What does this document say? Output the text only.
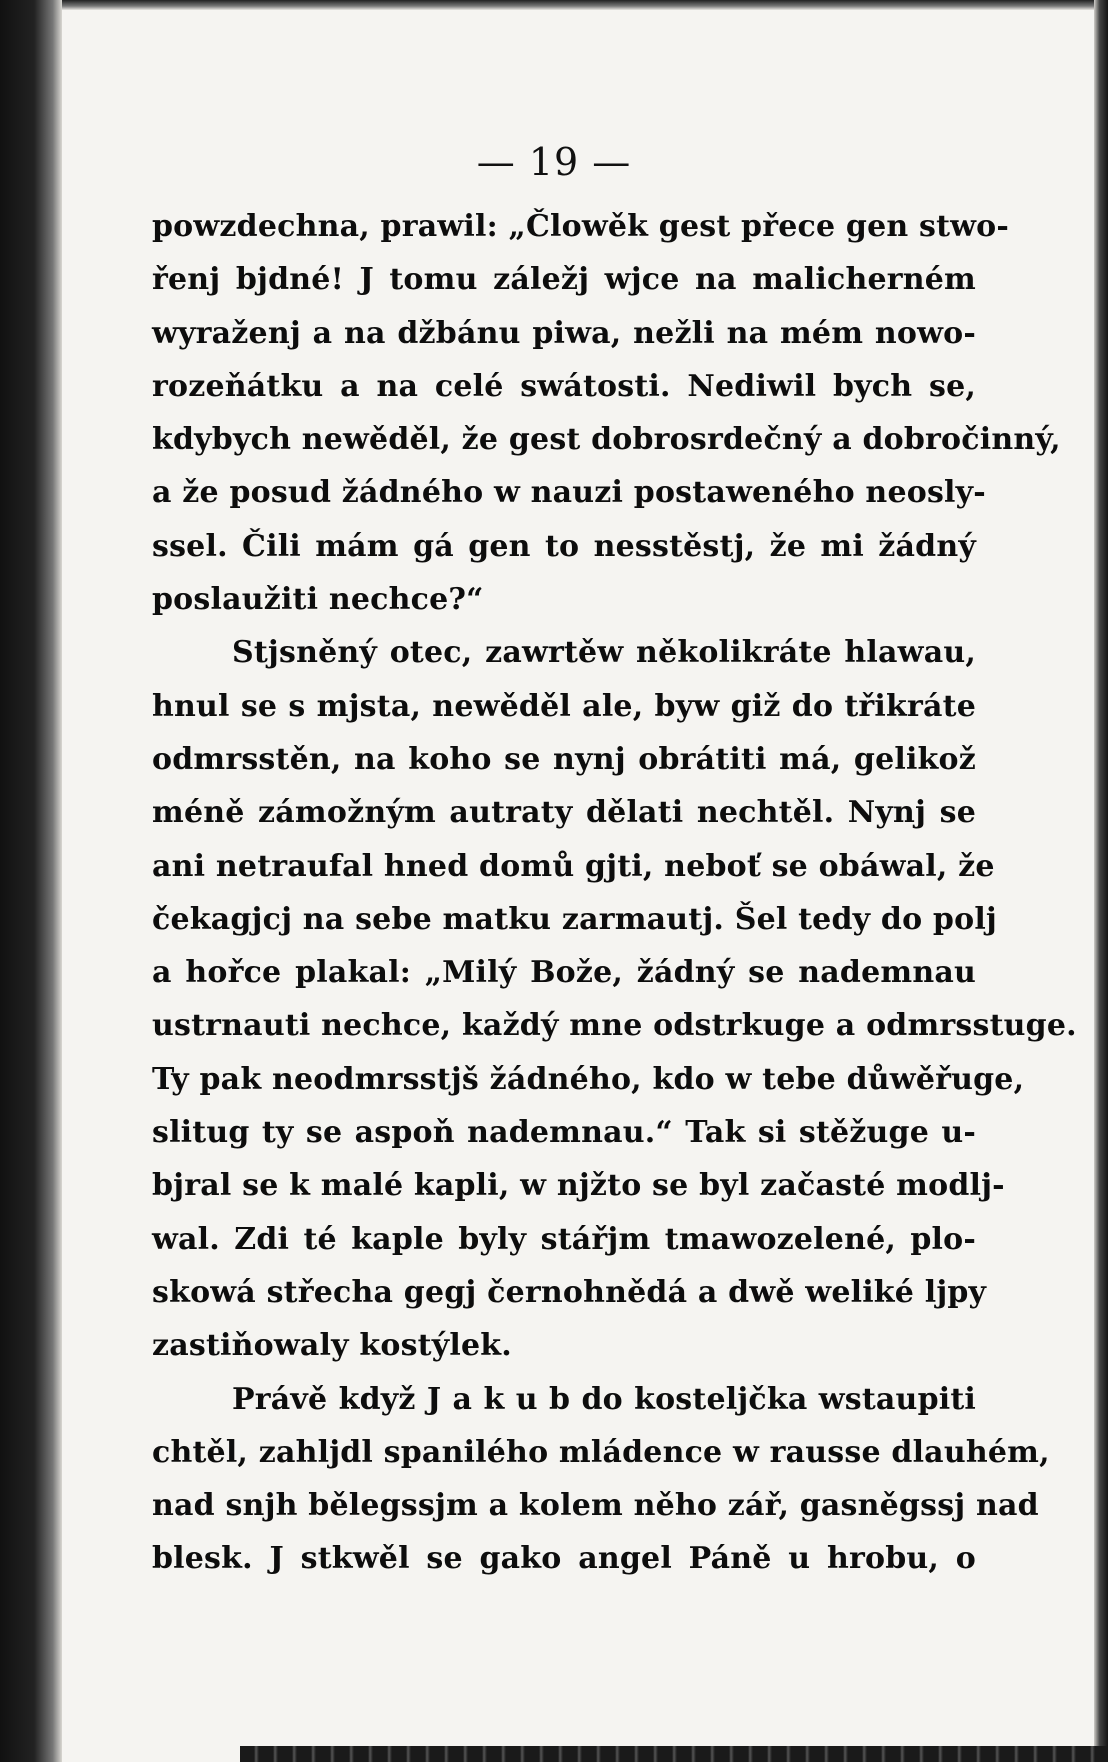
— 19 —
powzdechna, prawil: „Člowěk gest přece gen stwo-
řenj bjdné! J tomu záležj wjce na malicherném
wyraženj a na džbánu piwa, nežli na mém nowo-
rozeňátku a na celé swátosti. Nediwil bych se,
kdybych newěděl, že gest dobrosrdečný a dobročinný,
a že posud žádného w nauzi postaweného neosly-
ssel. Čili mám gá gen to nesstěstj, že mi žádný
poslaužiti nechce?“
Stjsněný otec, zawrtěw několikráte hlawau,
hnul se s mjsta, newěděl ale, byw giž do třikráte
odmrsstěn, na koho se nynj obrátiti má, gelikož
méně zámožným autraty dělati nechtěl. Nynj se
ani netraufal hned domů gjti, neboť se obáwal, že
čekagjcj na sebe matku zarmautj. Šel tedy do polj
a hořce plakal: „Milý Bože, žádný se nademnau
ustrnauti nechce, každý mne odstrkuge a odmrsstuge.
Ty pak neodmrsstjš žádného, kdo w tebe důwěřuge,
slitug ty se aspoň nademnau.“ Tak si stěžuge u-
bjral se k malé kapli, w njžto se byl začasté modlj-
wal. Zdi té kaple byly stářjm tmawozelené, plo-
skowá střecha gegj černohnědá a dwě weliké ljpy
zastiňowaly kostýlek.
Právě když J a k u b do kosteljčka wstaupiti
chtěl, zahljdl spanilého mládence w rausse dlauhém,
nad snjh bělegssjm a kolem něho zář, gasněgssj nad
blesk. J stkwěl se gako angel Páně u hrobu, o
